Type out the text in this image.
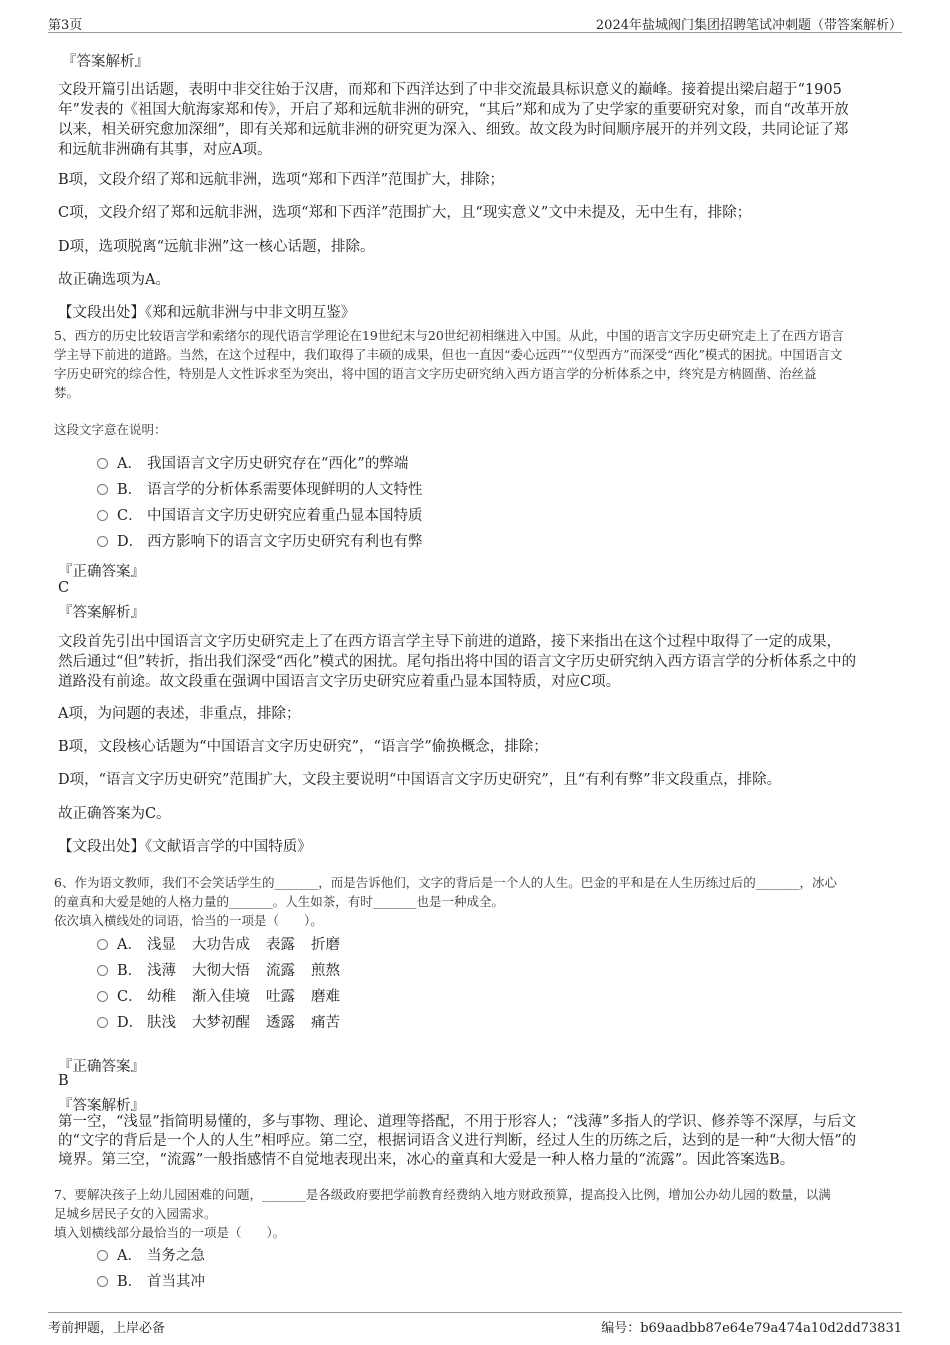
第3页	2024年盐城阀门集团招聘笔试冲刺题（带答案解析）
『答案解析』
文段开篇引出话题，表明中非交往始于汉唐，而郑和下西洋达到了中非交流最具标识意义的巅峰。接着提出梁启超于“1905
年”发表的《祖国大航海家郑和传》，开启了郑和远航非洲的研究，“其后”郑和成为了史学家的重要研究对象，而自“改革开放
以来，相关研究愈加深细”，即有关郑和远航非洲的研究更为深入、细致。故文段为时间顺序展开的并列文段，共同论证了郑
和远航非洲确有其事，对应A项。
B项，文段介绍了郑和远航非洲，选项“郑和下西洋”范围扩大，排除；
C项，文段介绍了郑和远航非洲，选项“郑和下西洋”范围扩大，且“现实意义”文中未提及，无中生有，排除；
D项，选项脱离“远航非洲”这一核心话题，排除。
故正确选项为A。
【文段出处】《郑和远航非洲与中非文明互鉴》
5、西方的历史比较语言学和索绪尔的现代语言学理论在19世纪末与20世纪初相继进入中国。从此，中国的语言文字历史研究走上了在西方语言
学主导下前进的道路。当然，在这个过程中，我们取得了丰硕的成果，但也一直因“委心远西”“仪型西方”而深受“西化”模式的困扰。中国语言文
字历史研究的综合性，特别是人文性诉求至为突出，将中国的语言文字历史研究纳入西方语言学的分析体系之中，终究是方枘圆凿、治丝益
棼。
这段文字意在说明：
A． 我国语言文字历史研究存在“西化”的弊端
B． 语言学的分析体系需要体现鲜明的人文特性
C． 中国语言文字历史研究应着重凸显本国特质
D． 西方影响下的语言文字历史研究有利也有弊
『正确答案』
C
『答案解析』
文段首先引出中国语言文字历史研究走上了在西方语言学主导下前进的道路，接下来指出在这个过程中取得了一定的成果，
然后通过“但”转折，指出我们深受“西化”模式的困扰。尾句指出将中国的语言文字历史研究纳入西方语言学的分析体系之中的
道路没有前途。故文段重在强调中国语言文字历史研究应着重凸显本国特质，对应C项。
A项，为问题的表述，非重点，排除；
B项，文段核心话题为“中国语言文字历史研究”，“语言学”偷换概念，排除；
D项，“语言文字历史研究”范围扩大，文段主要说明“中国语言文字历史研究”，且“有利有弊”非文段重点，排除。
故正确答案为C。
【文段出处】《文献语言学的中国特质》
6、作为语文教师，我们不会笑话学生的_______，而是告诉他们，文字的背后是一个人的人生。巴金的平和是在人生历练过后的_______，冰心
的童真和大爱是她的人格力量的_______。人生如茶，有时_______也是一种成全。
依次填入横线处的词语，恰当的一项是（　　）。
A． 浅显 大功告成 表露 折磨
B． 浅薄 大彻大悟 流露 煎熬
C． 幼稚 渐入佳境 吐露 磨难
D． 肤浅 大梦初醒 透露 痛苦
『正确答案』
B
『答案解析』
第一空，“浅显”指简明易懂的，多与事物、理论、道理等搭配，不用于形容人；“浅薄”多指人的学识、修养等不深厚，与后文
的“文字的背后是一个人的人生”相呼应。第二空，根据词语含义进行判断，经过人生的历练之后，达到的是一种“大彻大悟”的
境界。第三空，“流露”一般指感情不自觉地表现出来，冰心的童真和大爱是一种人格力量的“流露”。因此答案选B。
7、要解决孩子上幼儿园困难的问题，_______是各级政府要把学前教育经费纳入地方财政预算，提高投入比例，增加公办幼儿园的数量，以满
足城乡居民子女的入园需求。
填入划横线部分最恰当的一项是（　　）。
A． 当务之急
B． 首当其冲
考前押题，上岸必备	编号：b69aadbb87e64e79a474a10d2dd73831
